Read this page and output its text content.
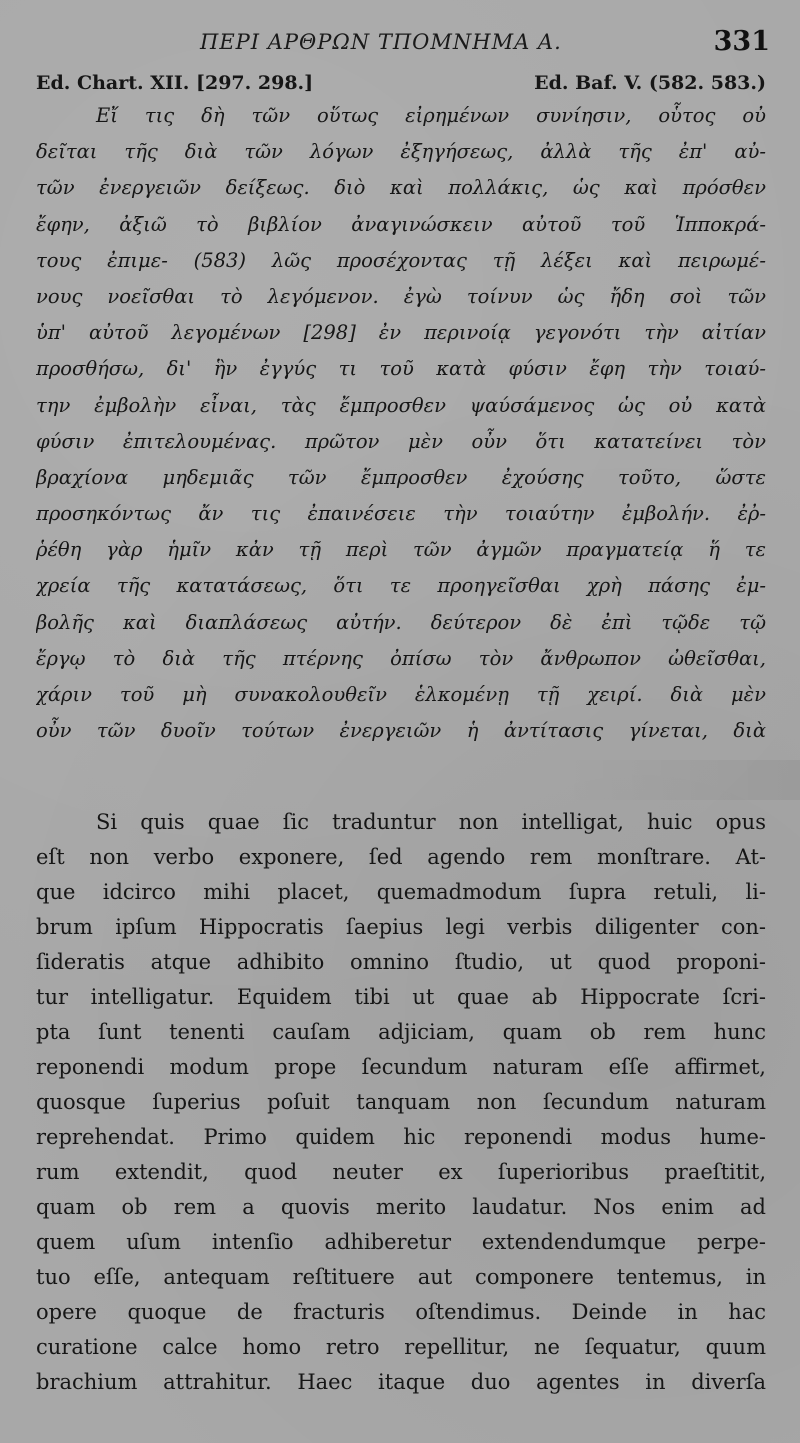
ΠΕΡΙ ΑΡΘΡΩΝ ΤΠΟΜΝΗΜΑ Α.	331
Ed. Chart. XII. [297. 298.]	Ed. Baf. V. (582. 583.)
Εἴ τις δὴ τῶν οὕτως εἰρημένων συνίησιν, οὗτος οὐ
δεῖται τῆς διὰ τῶν λόγων ἐξηγήσεως, ἀλλὰ τῆς ἐπ' αὐ-
τῶν ἐνεργειῶν δείξεως. διὸ καὶ πολλάκις, ὡς καὶ πρόσθεν
ἔφην, ἀξιῶ τὸ βιβλίον ἀναγινώσκειν αὐτοῦ τοῦ Ἱπποκρά-
τους ἐπιμε- (583) λῶς προσέχοντας τῇ λέξει καὶ πειρωμέ-
νους νοεῖσθαι τὸ λεγόμενον. ἐγὼ τοίνυν ὡς ἤδη σοὶ τῶν
ὑπ' αὐτοῦ λεγομένων [298] ἐν περινοίᾳ γεγονότι τὴν αἰτίαν
προσθήσω, δι' ἣν ἐγγύς τι τοῦ κατὰ φύσιν ἔφη τὴν τοιαύ-
την ἐμβολὴν εἶναι, τὰς ἔμπροσθεν ψαύσάμενος ὡς οὐ κατὰ
φύσιν ἐπιτελουμένας. πρῶτον μὲν οὖν ὅτι κατατείνει τὸν
βραχίονα μηδεμιᾶς τῶν ἔμπροσθεν ἐχούσης τοῦτο, ὥστε
προσηκόντως ἄν τις ἐπαινέσειε τὴν τοιαύτην ἐμβολήν. ἐῤ-
ῥέθη γὰρ ἡμῖν κἀν τῇ περὶ τῶν ἀγμῶν πραγματείᾳ ἥ τε
χρεία τῆς κατατάσεως, ὅτι τε προηγεῖσθαι χρὴ πάσης ἐμ-
βολῆς καὶ διαπλάσεως αὐτήν. δεύτερον δὲ ἐπὶ τῷδε τῷ
ἔργῳ τὸ διὰ τῆς πτέρνης ὀπίσω τὸν ἄνθρωπον ὠθεῖσθαι,
χάριν τοῦ μὴ συνακολουθεῖν ἑλκομένῃ τῇ χειρί. διὰ μὲν
οὖν τῶν δυοῖν τούτων ἐνεργειῶν ἡ ἀντίτασις γίνεται, διὰ
Si quis quae ſic traduntur non intelligat, huic opus
eſt non verbo exponere, ſed agendo rem monſtrare. At-
que idcirco mihi placet, quemadmodum ſupra retuli, li-
brum ipſum Hippocratis ſaepius legi verbis diligenter con-
ſideratis atque adhibito omnino ſtudio, ut quod proponi-
tur intelligatur. Equidem tibi ut quae ab Hippocrate ſcri-
pta ſunt tenenti cauſam adjiciam, quam ob rem hunc
reponendi modum prope ſecundum naturam eſſe affirmet,
quosque ſuperius poſuit tanquam non ſecundum naturam
reprehendat. Primo quidem hic reponendi modus hume-
rum extendit, quod neuter ex ſuperioribus praeſtitit,
quam ob rem a quovis merito laudatur. Nos enim ad
quem uſum intenſio adhiberetur extendendumque perpe-
tuo eſſe, antequam reſtituere aut componere tentemus, in
opere quoque de fracturis oſtendimus. Deinde in hac
curatione calce homo retro repellitur, ne ſequatur, quum
brachium attrahitur. Haec itaque duo agentes in diverſa
